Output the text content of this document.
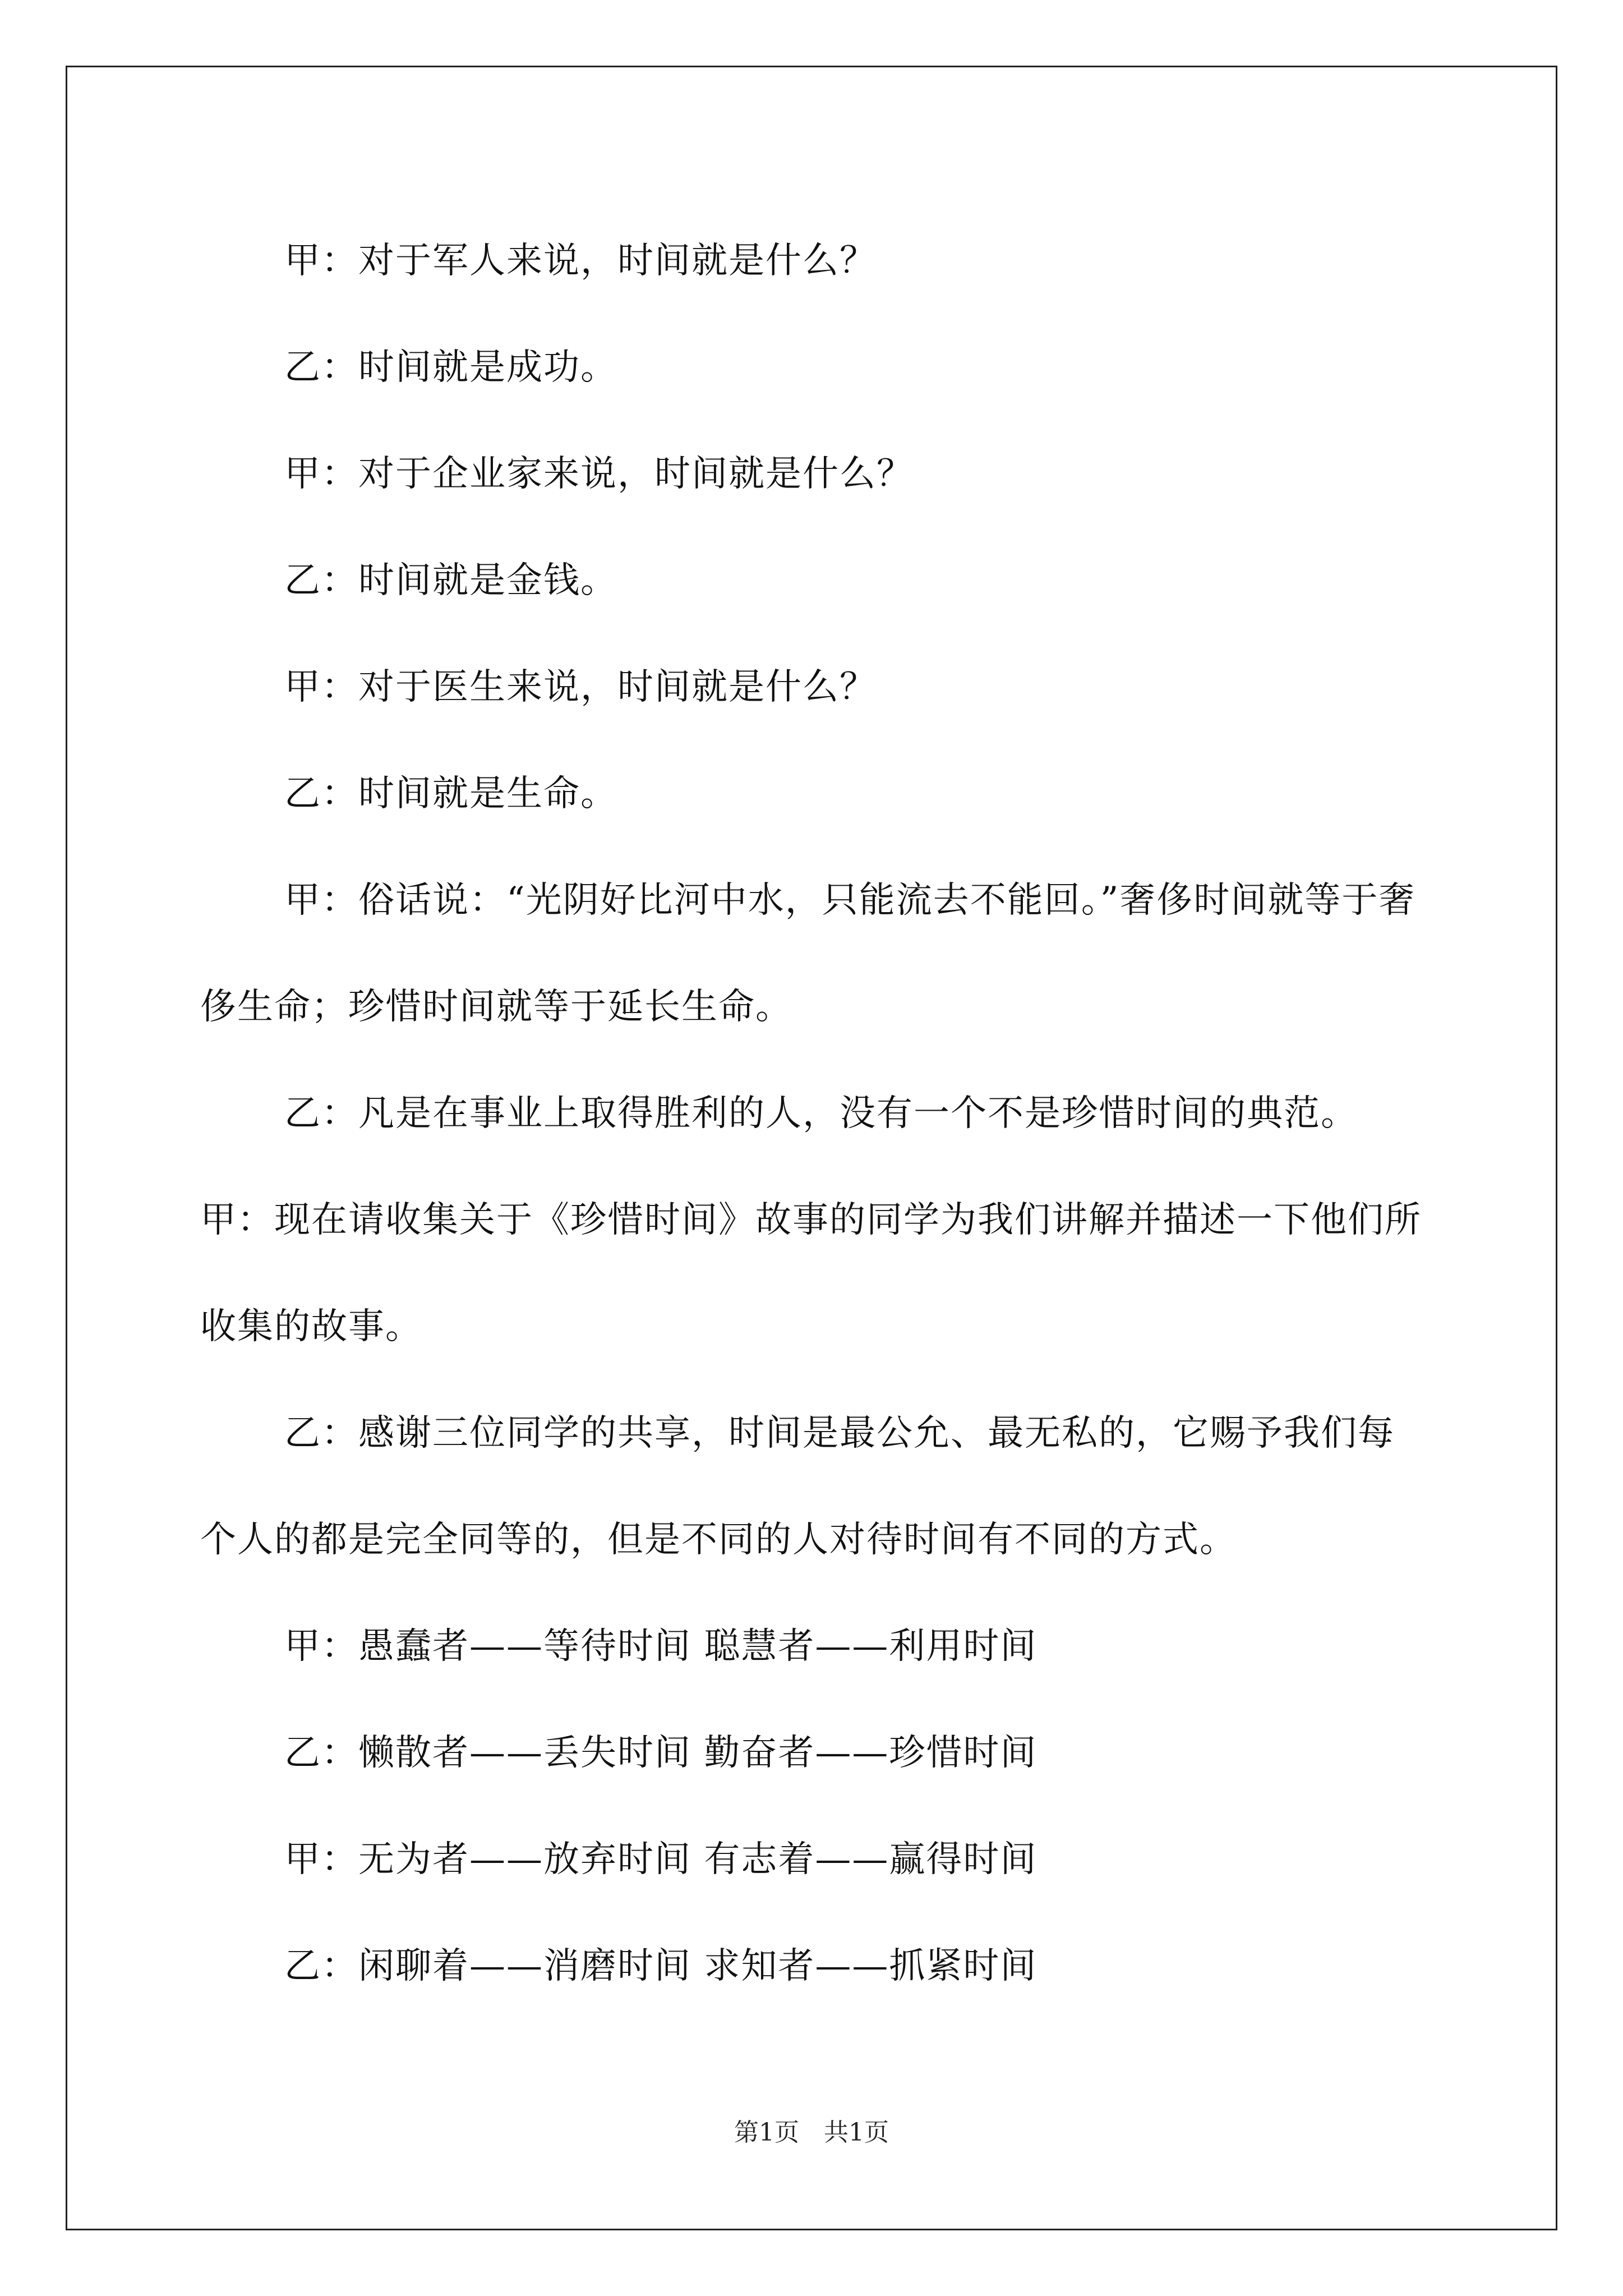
甲：对于军人来说，时间就是什么？

乙：时间就是成功。

甲：对于企业家来说，时间就是什么？

乙：时间就是金钱。

甲：对于医生来说，时间就是什么？

乙：时间就是生命。

甲：俗话说：“光阴好比河中水，只能流去不能回。”奢侈时间就等于奢侈生命；珍惜时间就等于延长生命。

乙：凡是在事业上取得胜利的人，没有一个不是珍惜时间的典范。

甲：现在请收集关于《珍惜时间》故事的同学为我们讲解并描述一下他们所收集的故事。

乙：感谢三位同学的共享，时间是最公允、最无私的，它赐予我们每个人的都是完全同等的，但是不同的人对待时间有不同的方式。

甲：愚蠢者——等待时间 聪慧者——利用时间

乙：懒散者——丢失时间 勤奋者——珍惜时间

甲：无为者——放弃时间 有志着——赢得时间

乙：闲聊着——消磨时间 求知者——抓紧时间

第1页　共1页
